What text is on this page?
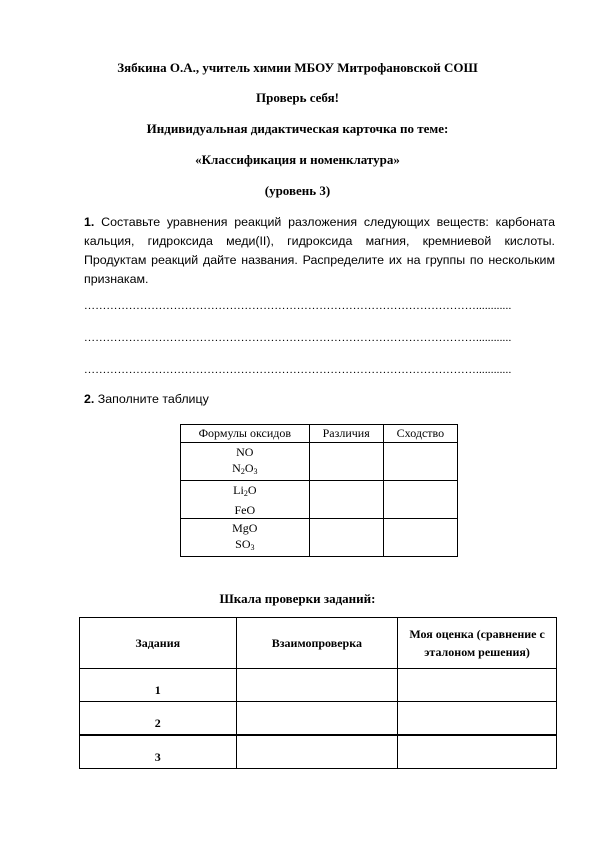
Зябкина О.А., учитель химии МБОУ Митрофановской СОШ
Проверь себя!
Индивидуальная дидактическая карточка по теме:
«Классификация и номенклатура»
(уровень 3)
1. Составьте уравнения реакций разложения следующих веществ: карбоната кальция, гидроксида меди(II), гидроксида магния, кремниевой кислоты. Продуктам реакций дайте названия. Распределите их на группы по нескольким признакам.
……………………………………………………………………………………………............
……………………………………………………………………………………………............
……………………………………………………………………………………………............
2. Заполните таблицу
Формулы оксидов	Различия	Сходство

NO
$N_2O_3$

$Li_2O$
FeO		

MgO
$SO_3$

Шкала проверки заданий:
Задания	Взаимопроверка	Моя оценка (сравнение с эталоном решения)
1		
2		
3		
